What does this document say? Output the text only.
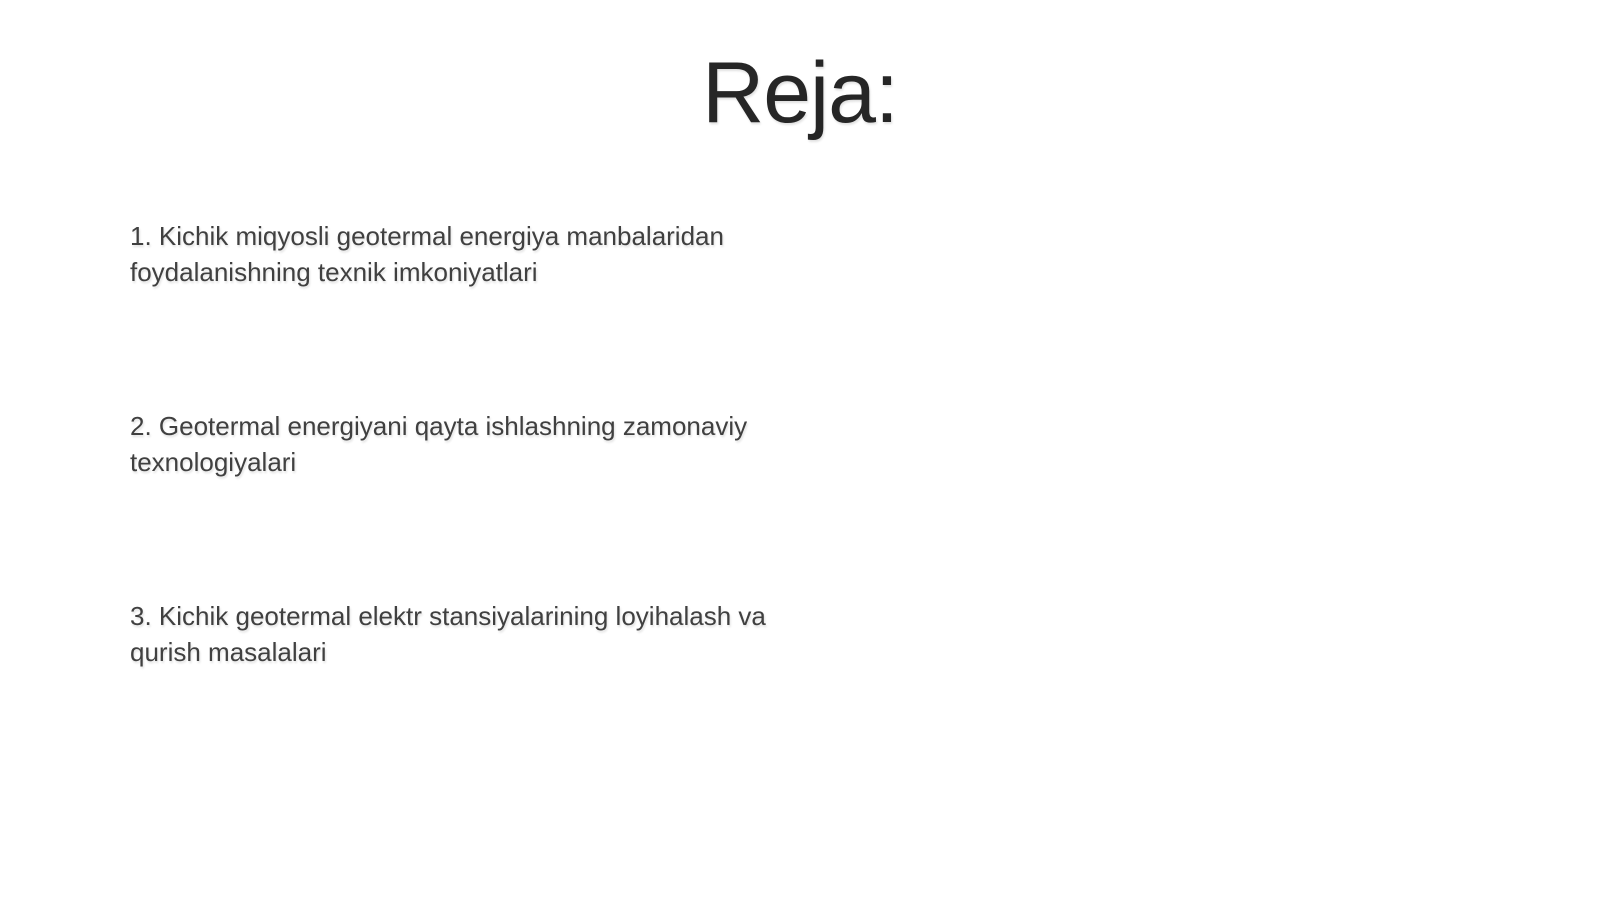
Reja:
1. Kichik miqyosli geotermal energiya manbalaridan foydalanishning texnik imkoniyatlari
2. Geotermal energiyani qayta ishlashning zamonaviy texnologiyalari
3. Kichik geotermal elektr stansiyalarining loyihalash va qurish masalalari
